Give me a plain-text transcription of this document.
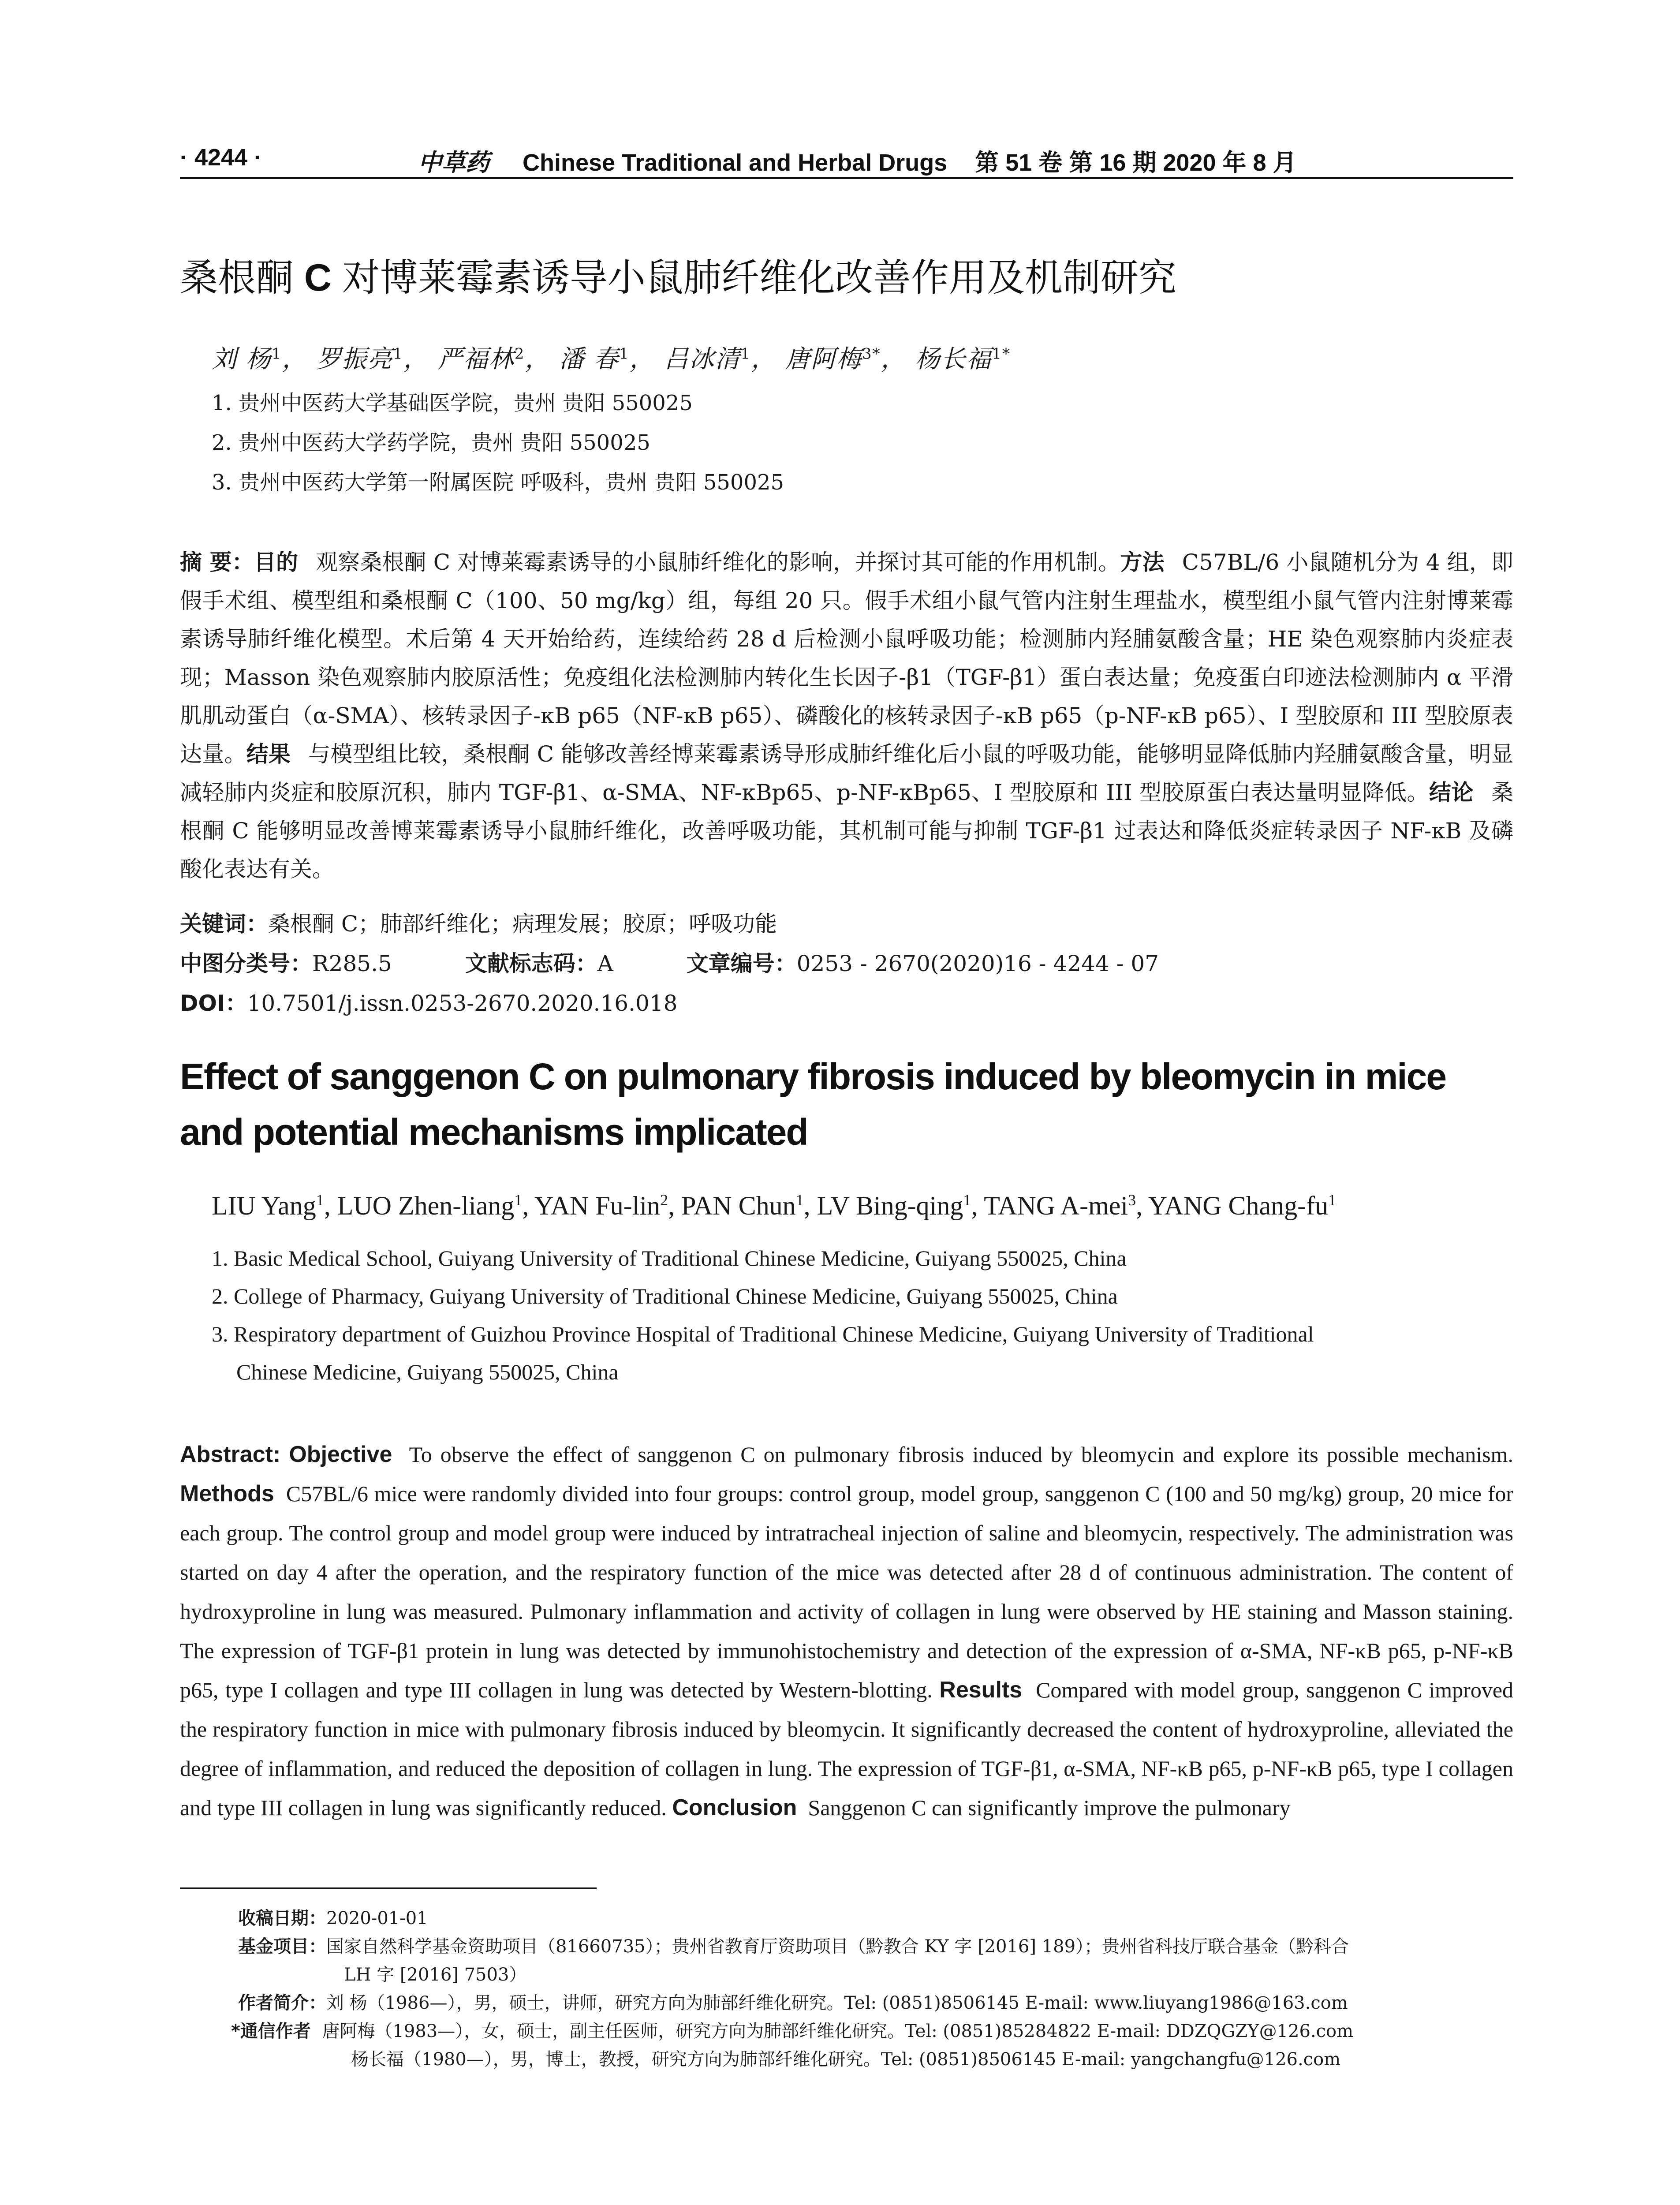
· 4244 ·	中草药 Chinese Traditional and Herbal Drugs 第 51 卷 第 16 期 2020 年 8 月
桑根酮 C 对博莱霉素诱导小鼠肺纤维化改善作用及机制研究
刘 杨$^1$， 罗振亮$^1$， 严福林$^2$， 潘 春$^1$， 吕冰清$^1$， 唐阿梅$^{3*}$， 杨长福$^{1*}$
1. 贵州中医药大学基础医学院，贵州 贵阳 550025
2. 贵州中医药大学药学院，贵州 贵阳 550025
3. 贵州中医药大学第一附属医院 呼吸科，贵州 贵阳 550025
摘 要：目的 观察桑根酮 C 对博莱霉素诱导的小鼠肺纤维化的影响，并探讨其可能的作用机制。方法 C57BL/6 小鼠随机分为 4 组，即假手术组、模型组和桑根酮 C（100、50 mg/kg）组，每组 20 只。假手术组小鼠气管内注射生理盐水，模型组小鼠气管内注射博莱霉素诱导肺纤维化模型。术后第 4 天开始给药，连续给药 28 d 后检测小鼠呼吸功能；检测肺内羟脯氨酸含量；HE 染色观察肺内炎症表现；Masson 染色观察肺内胶原活性；免疫组化法检测肺内转化生长因子-β1（TGF-β1）蛋白表达量；免疫蛋白印迹法检测肺内 α 平滑肌肌动蛋白（α-SMA）、核转录因子-κB p65（NF-κB p65）、磷酸化的核转录因子-κB p65（p-NF-κB p65）、I 型胶原和 III 型胶原表达量。结果 与模型组比较，桑根酮 C 能够改善经博莱霉素诱导形成肺纤维化后小鼠的呼吸功能，能够明显降低肺内羟脯氨酸含量，明显减轻肺内炎症和胶原沉积，肺内 TGF-β1、α-SMA、NF-κBp65、p-NF-κBp65、I 型胶原和 III 型胶原蛋白表达量明显降低。结论 桑根酮 C 能够明显改善博莱霉素诱导小鼠肺纤维化，改善呼吸功能，其机制可能与抑制 TGF-β1 过表达和降低炎症转录因子 NF-κB 及磷酸化表达有关。
关键词：桑根酮 C；肺部纤维化；病理发展；胶原；呼吸功能
中图分类号：R285.5	文献标志码：A	文章编号：0253 - 2670(2020)16 - 4244 - 07
DOI：10.7501/j.issn.0253-2670.2020.16.018
Effect of sanggenon C on pulmonary fibrosis induced by bleomycin in mice and potential mechanisms implicated
LIU Yang$^1$, LUO Zhen-liang$^1$, YAN Fu-lin$^2$, PAN Chun$^1$, LV Bing-qing$^1$, TANG A-mei$^3$, YANG Chang-$fu^1$
1. Basic Medical School, Guiyang University of Traditional Chinese Medicine, Guiyang 550025, China
2. College of Pharmacy, Guiyang University of Traditional Chinese Medicine, Guiyang 550025, China
3. Respiratory department of Guizhou Province Hospital of Traditional Chinese Medicine, Guiyang University of Traditional
Chinese Medicine, Guiyang 550025, China
Abstract: Objective To observe the effect of sanggenon C on pulmonary fibrosis induced by bleomycin and explore its possible mechanism. Methods C57BL/6 mice were randomly divided into four groups: control group, model group, sanggenon C (100 and 50 mg/kg) group, 20 mice for each group. The control group and model group were induced by intratracheal injection of saline and bleomycin, respectively. The administration was started on day 4 after the operation, and the respiratory function of the mice was detected after 28 d of continuous administration. The content of hydroxyproline in lung was measured. Pulmonary inflammation and activity of collagen in lung were observed by HE staining and Masson staining. The expression of TGF-β1 protein in lung was detected by immunohistochemistry and detection of the expression of α-SMA, NF-κB p65, p-NF-κB p65, type I collagen and type III collagen in lung was detected by Western-blotting. Results Compared with model group, sanggenon C improved the respiratory function in mice with pulmonary fibrosis induced by bleomycin. It significantly decreased the content of hydroxyproline, alleviated the degree of inflammation, and reduced the deposition of collagen in lung. The expression of TGF-β1, α-SMA, NF-κB p65, p-NF-κB p65, type I collagen and type III collagen in lung was significantly reduced. Conclusion Sanggenon C can significantly improve the pulmonary
收稿日期：2020-01-01
基金项目：国家自然科学基金资助项目（81660735）；贵州省教育厅资助项目（黔教合 KY 字 [2016] 189）；贵州省科技厅联合基金（黔科合
LH 字 [2016] 7503）
作者简介：刘 杨（1986—），男，硕士，讲师，研究方向为肺部纤维化研究。Tel: (0851)8506145 E-mail: www.liuyang1986@163.com
*通信作者 唐阿梅（1983—），女，硕士，副主任医师，研究方向为肺部纤维化研究。Tel: (0851)85284822 E-mail: DDZQGZY@126.com
杨长福（1980—），男，博士，教授，研究方向为肺部纤维化研究。Tel: (0851)8506145 E-mail: yangchangfu@126.com
